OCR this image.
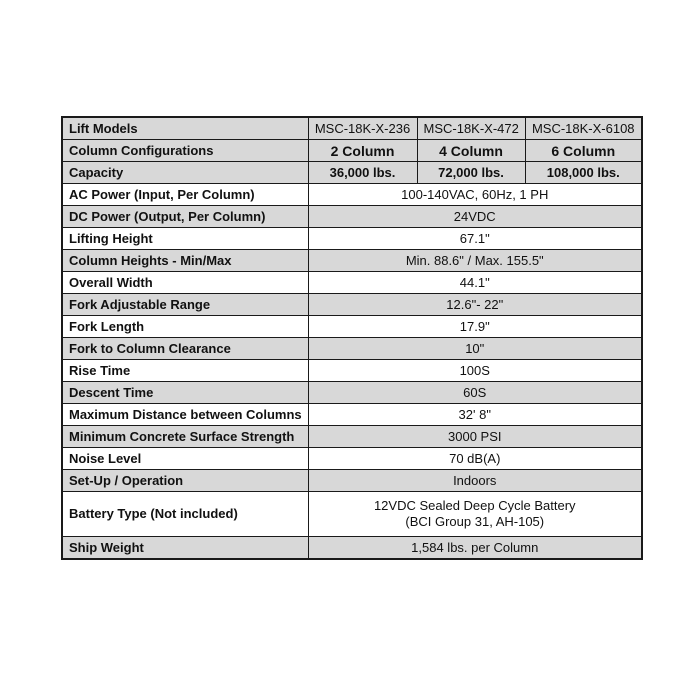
Lift Models	MSC-18K-X-236	MSC-18K-X-472	MSC-18K-X-6108
Column Configurations	2 Column	4 Column	6 Column
Capacity	36,000 lbs.	72,000 lbs.	108,000 lbs.
AC Power (Input, Per Column)	100-140VAC, 60Hz, 1 PH		
DC Power (Output, Per Column)	24VDC		
Lifting Height	67.1"		
Column Heights - Min/Max	Min. 88.6" / Max. 155.5"		
Overall Width	44.1"		
Fork Adjustable Range	12.6"- 22"		
Fork Length	17.9"		
Fork to Column Clearance	10"		
Rise Time	100S		
Descent Time	60S		
Maximum Distance between Columns	32' 8"		
Minimum Concrete Surface Strength	3000 PSI		
Noise Level	70 dB(A)		
Set-Up / Operation	Indoors		
Battery Type (Not included)	12VDC Sealed Deep Cycle Battery
(BCI Group 31, AH-105)		

Ship Weight	1,584 lbs. per Column		
